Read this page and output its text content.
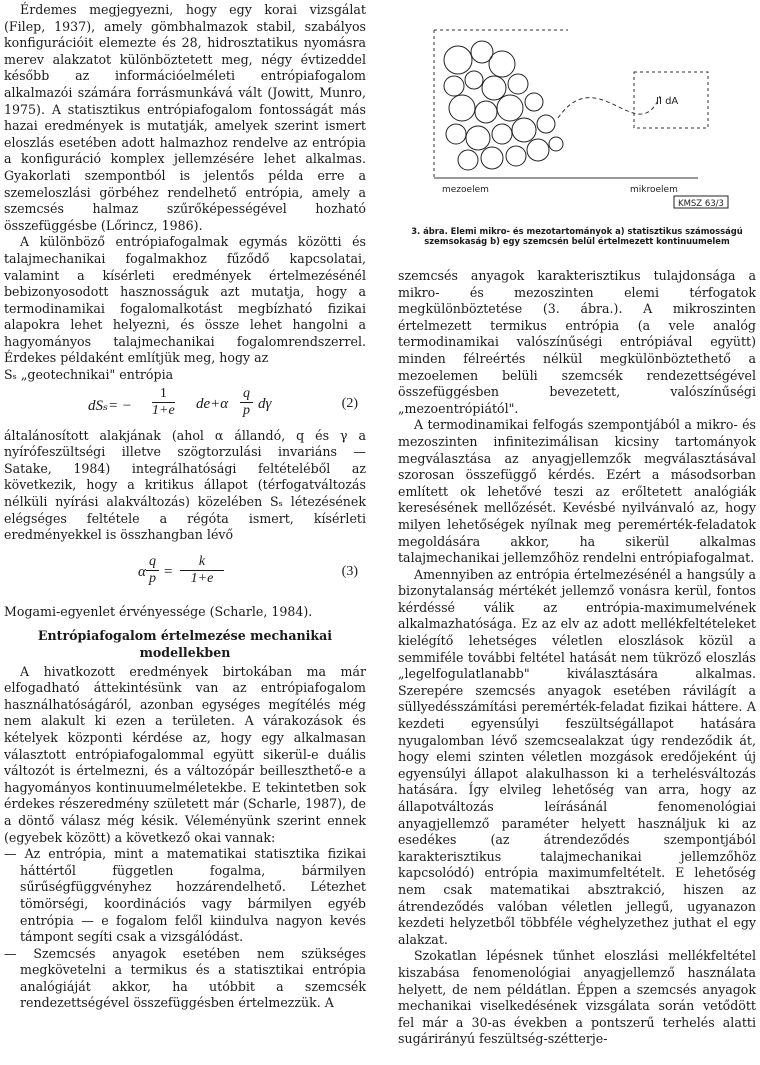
Érdemes megjegyezni, hogy egy korai vizsgálat (Filep, 1937), amely gömbhalmazok stabil, szabályos konfigurációit elemezte és 28, hidrosztatikus nyomásra merev alakzatot különböztetett meg, négy évtizeddel később az információelméleti entrópiafogalom alkalmazói számára forrásmunkává vált (Jowitt, Munro, 1975). A statisztikus entrópiafogalom fontosságát más hazai eredmények is mutatják, amelyek szerint ismert eloszlás esetében adott halmazhoz rendelve az entrópia a konfiguráció komplex jellemzésére lehet alkalmas. Gyakorlati szempontból is jelentős példa erre a szemeloszlási görbéhez rendelhető entrópia, amely a szemcsés halmaz szűrőképességével hozható összefüggésbe (Lőrincz, 1986).

A különböző entrópiafogalmak egymás közötti és talajmechanikai fogalmakhoz fűződő kapcsolatai, valamint a kísérleti eredmények értelmezésénél bebizonyosodott hasznosságuk azt mutatja, hogy a termodinamikai fogalomalkotást megbízható fizikai alapokra lehet helyezni, és össze lehet hangolni a hagyományos talajmechanikai fogalomrendszerrel. Érdekes példaként említjük meg, hogy az

Sₛ „geotechnikai" entrópia

$dS_s= - \frac{1}{1+e} de+\alpha \frac{q}{p}$ dγ	(2)

általánosított alakjának (ahol α állandó, q és γ a nyírófeszültségi illetve szögtorzulási invariáns — Satake, 1984) integrálhatósági feltételéből az következik, hogy a kritikus állapot (térfogatváltozás nélküli nyírási alakváltozás) közelében Sₛ létezésének elégséges feltétele a régóta ismert, kísérleti eredményekkel is összhangban lévő

α $\frac{q}{p} = \frac{k}{1+e}$	(3)

Mogami-egyenlet érvényessége (Scharle, 1984).

Entrópiafogalom értelmezése mechanikai modellekben

A hivatkozott eredmények birtokában ma már elfogadható áttekintésünk van az entrópiafogalom használhatóságáról, azonban egységes megítélés még nem alakult ki ezen a területen. A várakozások és kételyek központi kérdése az, hogy egy alkalmasan választott entrópiafogalommal együtt sikerül-e duális változót is értelmezni, és a változópár beilleszthető-e a hagyományos kontinuumelméletekbe. E tekintetben sok érdekes részeredmény született már (Scharle, 1987), de a döntő válasz még késik. Véleményünk szerint ennek (egyebek között) a következő okai vannak:

— Az entrópia, mint a matematikai statisztika fizikai háttértől független fogalma, bármilyen sűrűségfüggvényhez hozzárendelhető. Létezhet tömörségi, koordinációs vagy bármilyen egyéb entrópia — e fogalom felől kiindulva nagyon kevés támpont segíti csak a vizsgálódást.

— Szemcsés anyagok esetében nem szükséges megkövetelni a termikus és a statisztikai entrópia analógiáját akkor, ha utóbbit a szemcsék rendezettségével összefüggésben értelmezzük. A

II dA
mezoelem	mikroelem
KMSZ 63/3
3. ábra. Elemi mikro- és mezotartományok a) statisztikus számosságú szemsokaság b) egy szemcsén belül értelmezett kontinuumelem

szemcsés anyagok karakterisztikus tulajdonsága a mikro- és mezoszinten elemi térfogatok megkülönböztetése (3. ábra.). A mikroszinten értelmezett termikus entrópia (a vele analóg termodinamikai valószínűségi entrópiával együtt) minden félreértés nélkül megkülönböztethető a mezoelemen belüli szemcsék rendezettségével összefüggésben bevezetett, valószínűségi „mezoentrópiától".

A termodinamikai felfogás szempontjából a mikro- és mezoszinten infinitezimálisan kicsiny tartományok megválasztása az anyagjellemzők megválasztásával szorosan összefüggő kérdés. Ezért a másodsorban említett ok lehetővé teszi az erőltetett analógiák keresésének mellőzését. Kevésbé nyilvánvaló az, hogy milyen lehetőségek nyílnak meg peremérték-feladatok megoldására akkor, ha sikerül alkalmas talajmechanikai jellemzőhöz rendelni entrópiafogalmat.

Amennyiben az entrópia értelmezésénél a hangsúly a bizonytalanság mértékét jellemző vonásra kerül, fontos kérdéssé válik az entrópia-maximumelvének alkalmazhatósága. Ez az elv az adott mellékfeltételeket kielégítő lehetséges véletlen eloszlások közül a semmiféle további feltétel hatását nem tükröző eloszlás „legelfogulatlanabb" kiválasztására alkalmas. Szerepére szemcsés anyagok esetében rávilágít a süllyedésszámítási peremérték-feladat fizikai háttere. A kezdeti egyensúlyi feszültségállapot hatására nyugalomban lévő szemcsealakzat úgy rendeződik át, hogy elemi szinten véletlen mozgások eredőjeként új egyensúlyi állapot alakulhasson ki a terhelésváltozás hatására. Így elvileg lehetőség van arra, hogy az állapotváltozás leírásánál fenomenológiai anyagjellemző paraméter helyett használjuk ki az esedékes (az átrendeződés szempontjából karakterisztikus talajmechanikai jellemzőhöz kapcsolódó) entrópia maximumfeltételt. E lehetőség nem csak matematikai absztrakció, hiszen az átrendeződés valóban véletlen jellegű, ugyanazon kezdeti helyzetből többféle véghelyzethez juthat el egy alakzat.

Szokatlan lépésnek tűnhet eloszlási mellékfeltétel kiszabása fenomenológiai anyagjellemző használata helyett, de nem példátlan. Éppen a szemcsés anyagok mechanikai viselkedésének vizsgálata során vetődött fel már a 30-as években a pontszerű terhelés alatti sugárirányú feszültség-szétterje-
